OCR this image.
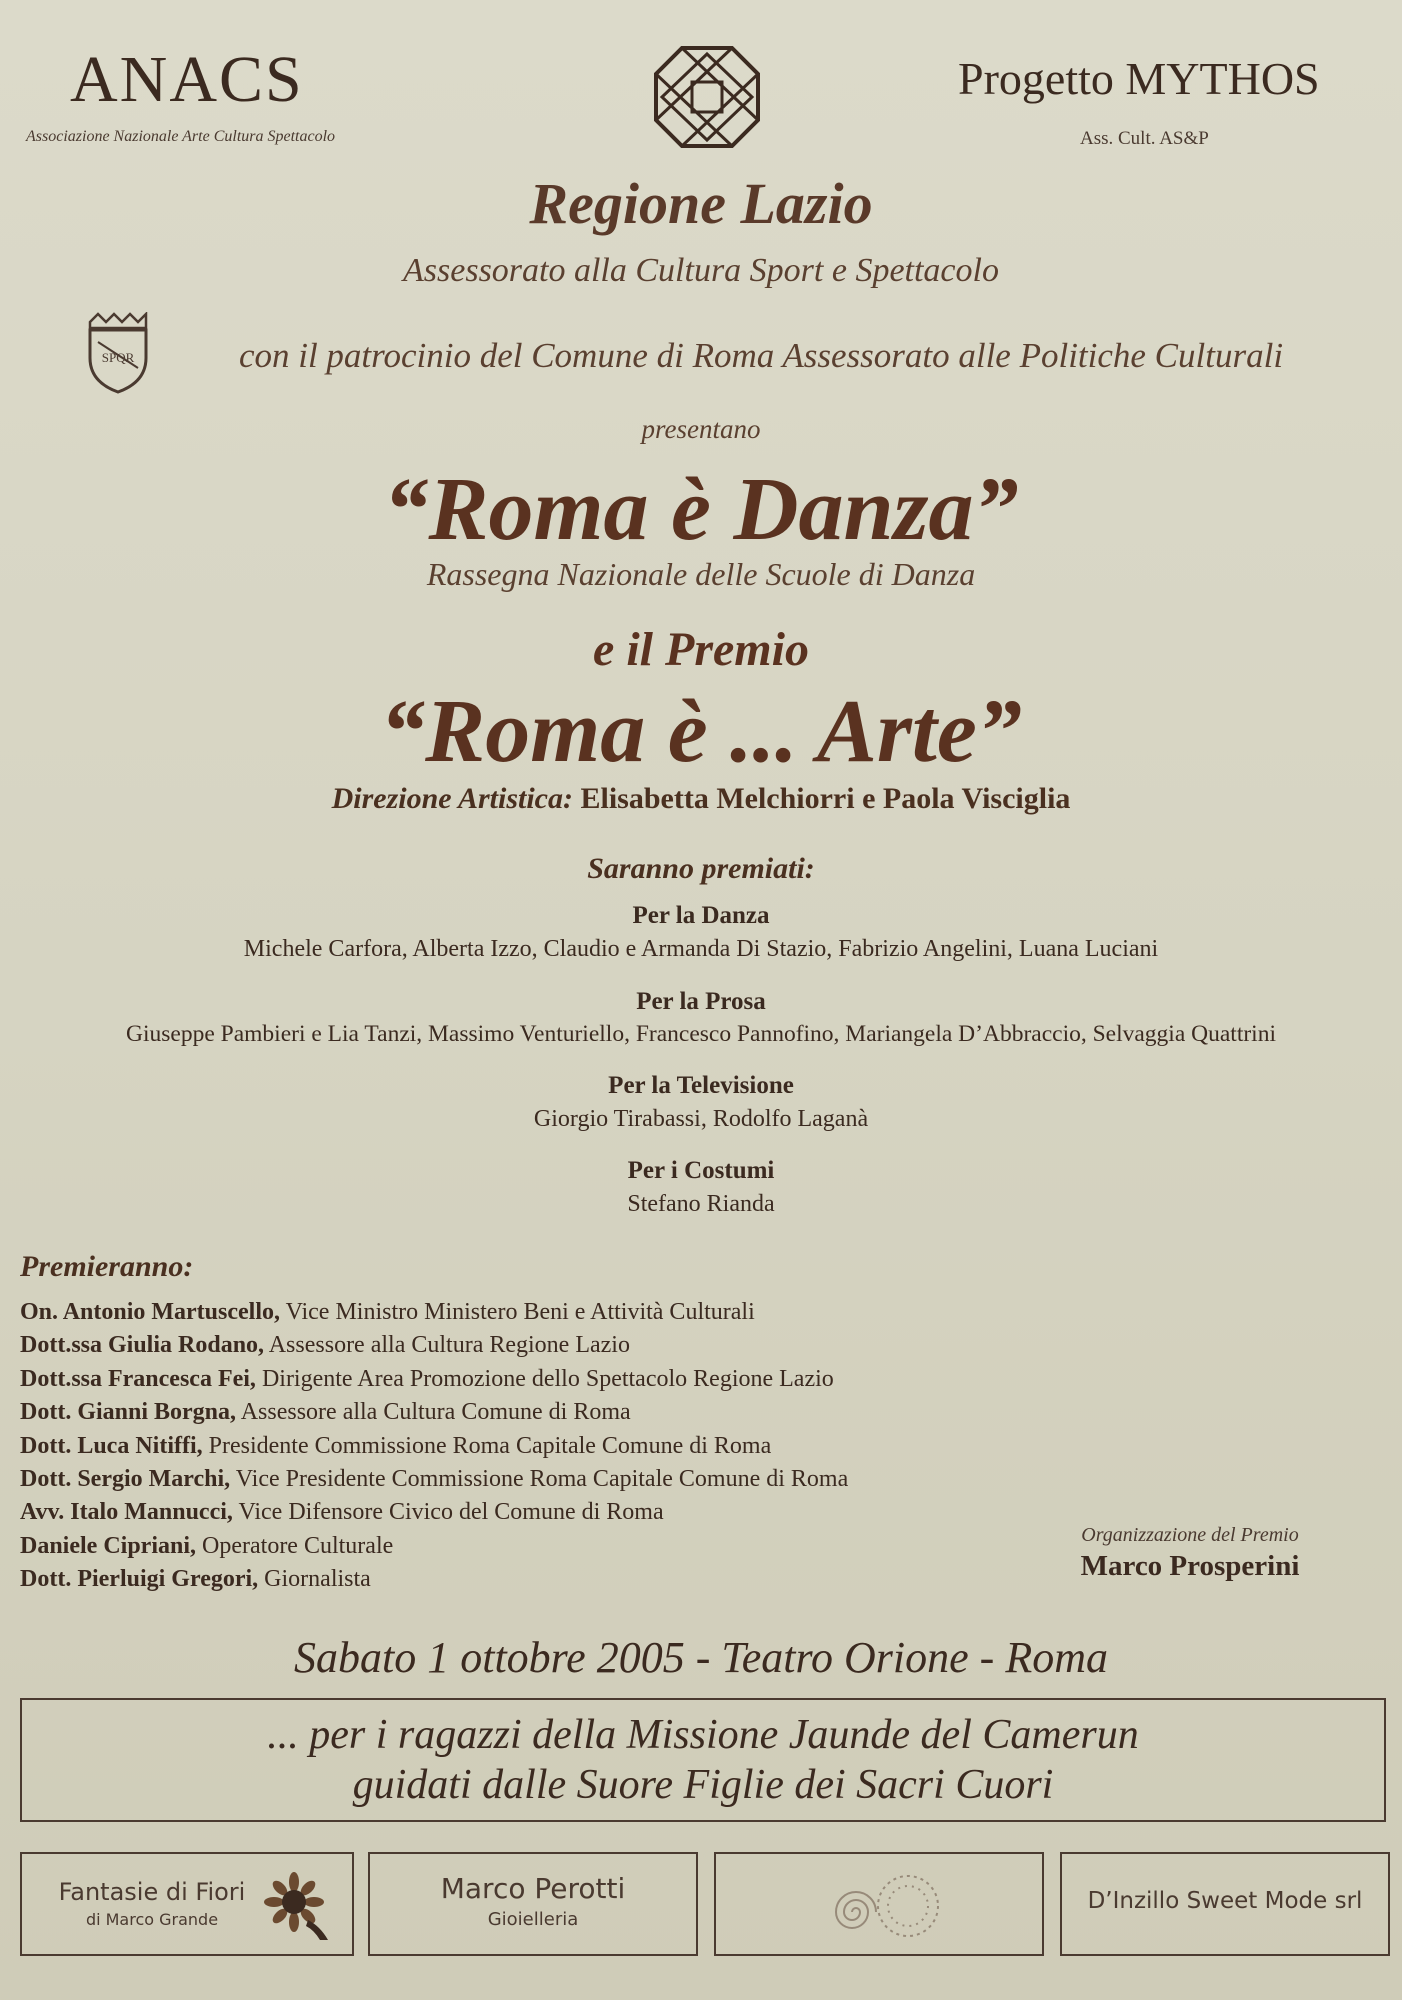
ANACS
Associazione Nazionale Arte Cultura Spettacolo
Progetto MYTHOS
Ass. Cult. AS&P
Regione Lazio
Assessorato alla Cultura Sport e Spettacolo
SPQR	con il patrocinio del Comune di Roma Assessorato alle Politiche Culturali
presentano
“Roma è Danza”
Rassegna Nazionale delle Scuole di Danza
e il Premio
“Roma è ... Arte”
Direzione Artistica: Elisabetta Melchiorri e Paola Visciglia
Saranno premiati:
Per la Danza
Michele Carfora, Alberta Izzo, Claudio e Armanda Di Stazio, Fabrizio Angelini, Luana Luciani
Per la Prosa
Giuseppe Pambieri e Lia Tanzi, Massimo Venturiello, Francesco Pannofino, Mariangela D’Abbraccio, Selvaggia Quattrini
Per la Televisione
Giorgio Tirabassi, Rodolfo Laganà
Per i Costumi
Stefano Rianda
Premieranno:
On. Antonio Martuscello, Vice Ministro Ministero Beni e Attività Culturali
Dott.ssa Giulia Rodano, Assessore alla Cultura Regione Lazio
Dott.ssa Francesca Fei, Dirigente Area Promozione dello Spettacolo Regione Lazio
Dott. Gianni Borgna, Assessore alla Cultura Comune di Roma
Dott. Luca Nitiffi, Presidente Commissione Roma Capitale Comune di Roma
Dott. Sergio Marchi, Vice Presidente Commissione Roma Capitale Comune di Roma
Avv. Italo Mannucci, Vice Difensore Civico del Comune di Roma
Daniele Cipriani, Operatore Culturale
Dott. Pierluigi Gregori, Giornalista
Organizzazione del Premio
Marco Prosperini
Sabato 1 ottobre 2005 - Teatro Orione - Roma
... per i ragazzi della Missione Jaunde del Camerun
guidati dalle Suore Figlie dei Sacri Cuori
Fantasie di Fiori
di Marco Grande
Marco Perotti
Gioielleria
D’Inzillo Sweet Mode srl
